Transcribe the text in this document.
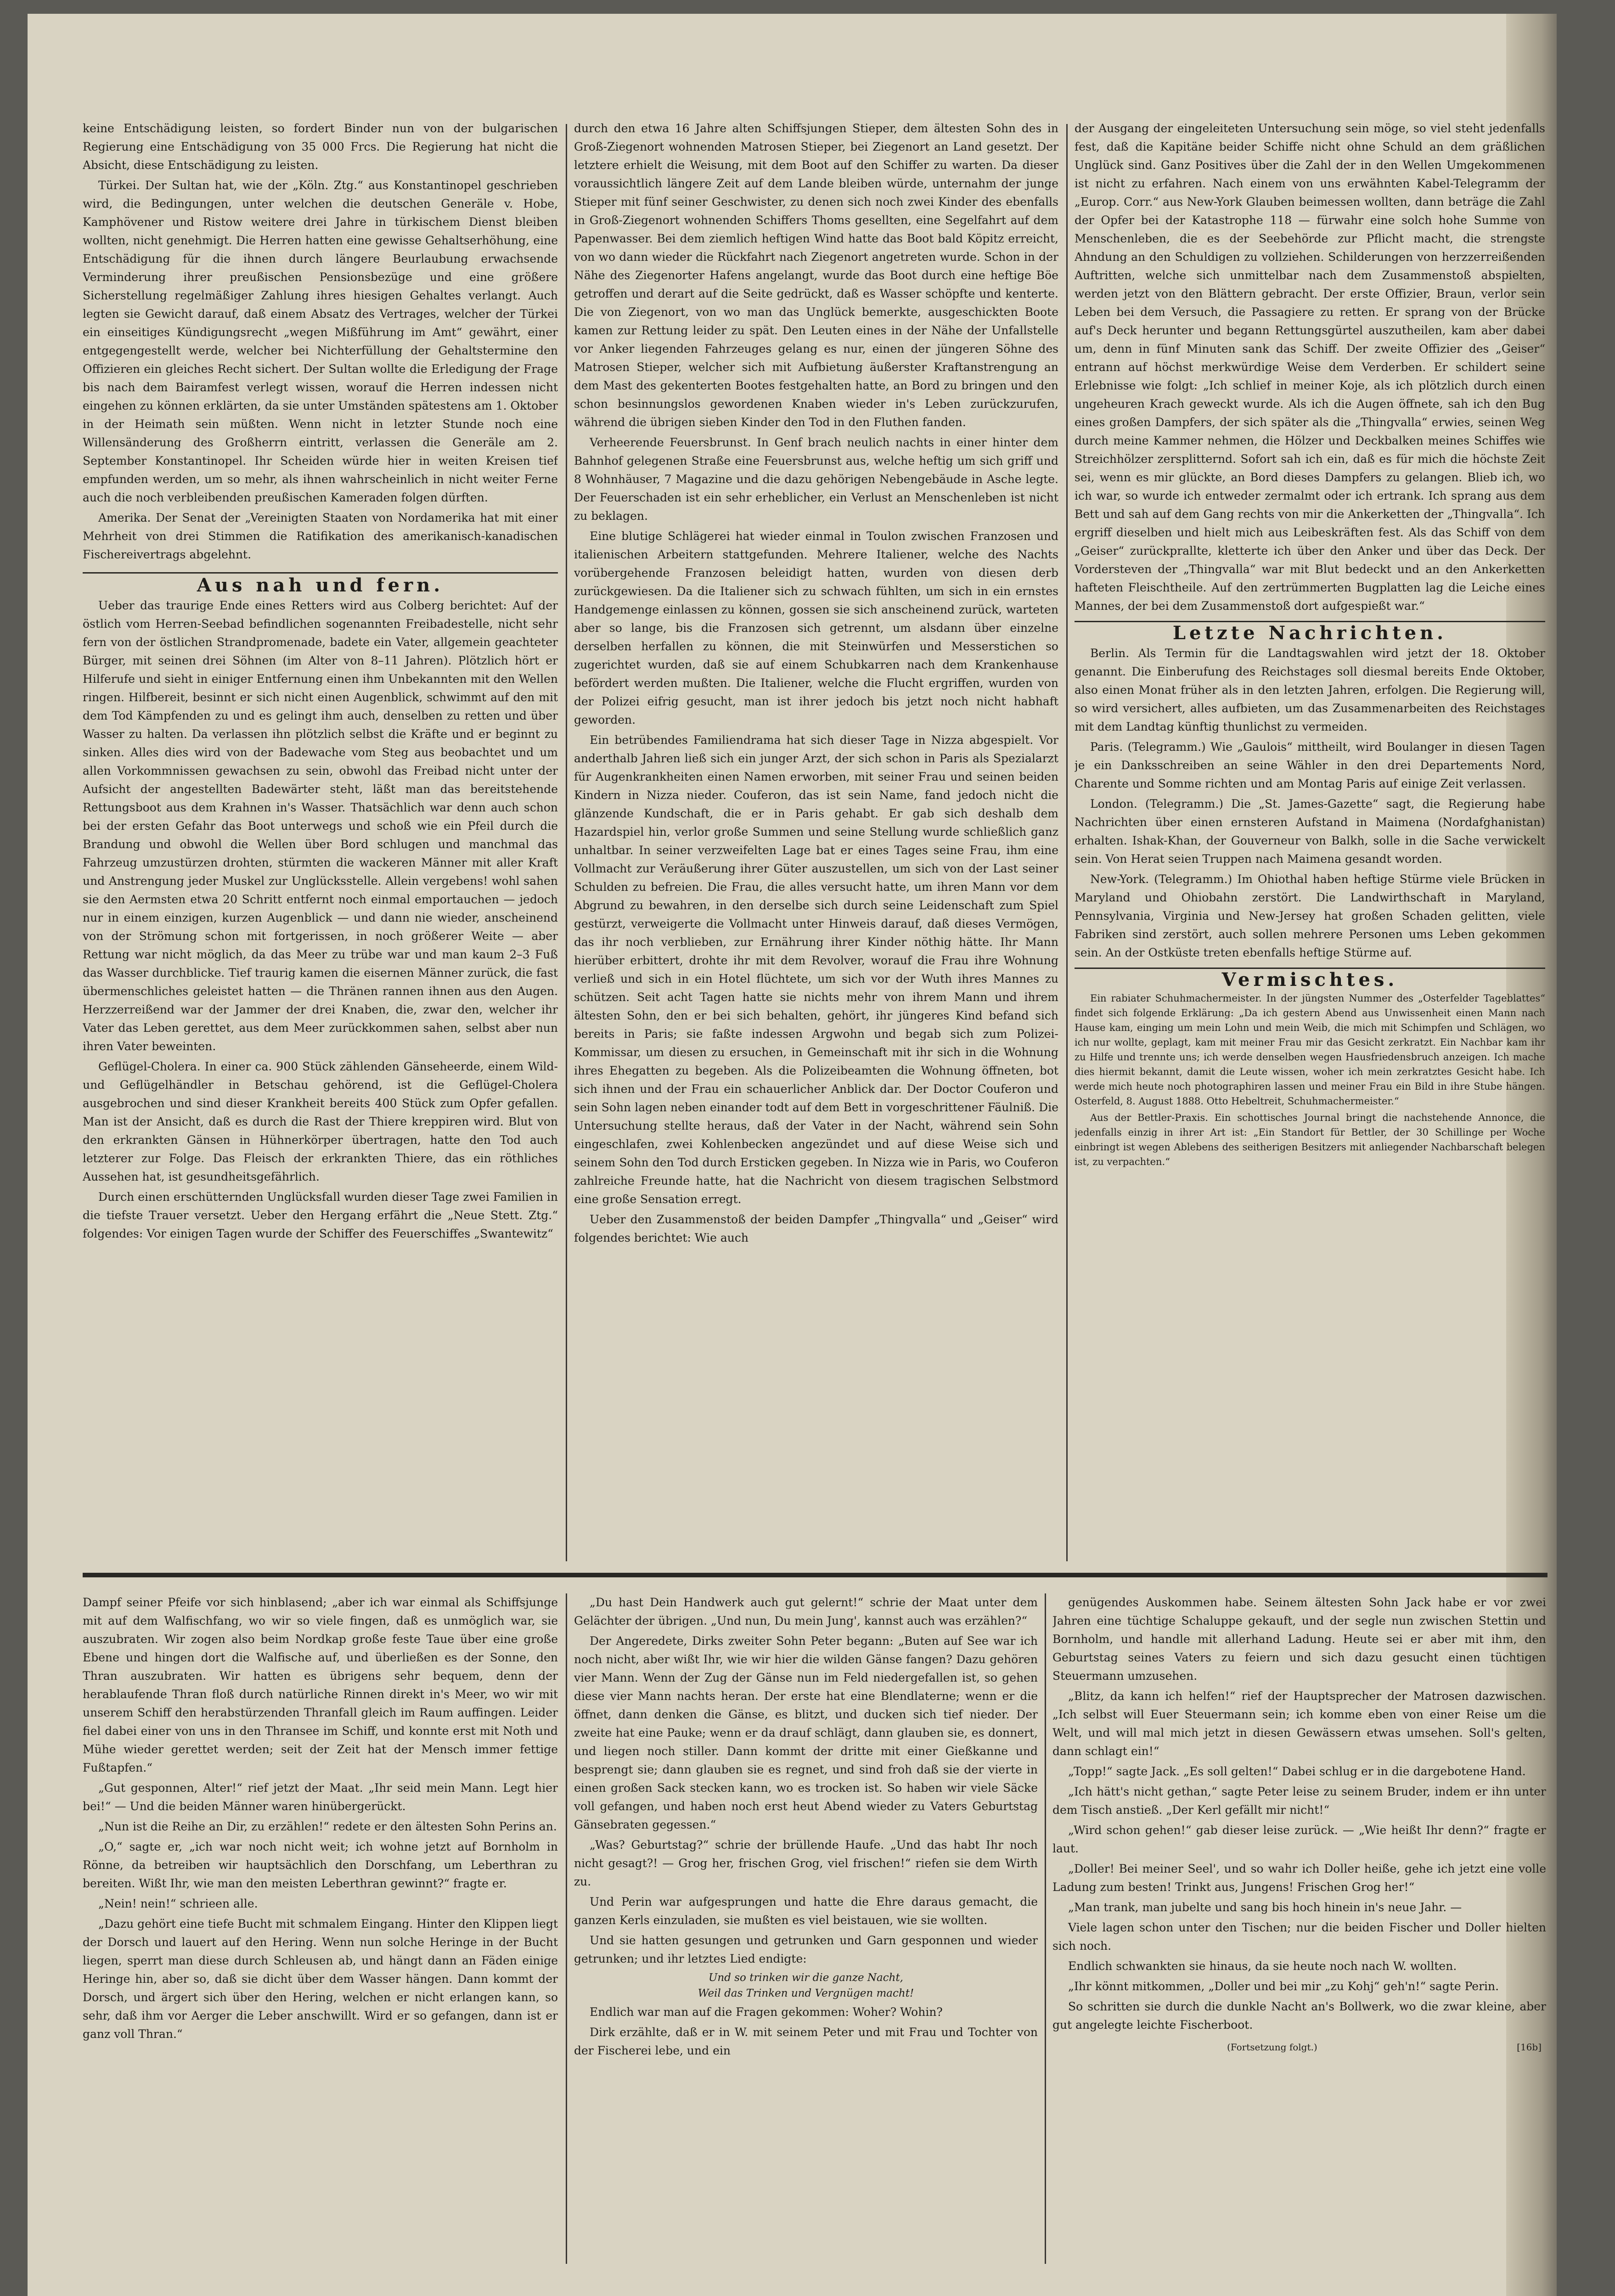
keine Entschädigung leisten, so fordert Binder nun von der bulgarischen Regierung eine Entschädigung von 35 000 Frcs. Die Regierung hat nicht die Absicht, diese Entschädigung zu leisten.

Türkei. Der Sultan hat, wie der „Köln. Ztg.“ aus Konstantinopel geschrieben wird, die Bedingungen, unter welchen die deutschen Generäle v. Hobe, Kamphövener und Ristow weitere drei Jahre in türkischem Dienst bleiben wollten, nicht genehmigt. Die Herren hatten eine gewisse Gehaltserhöhung, eine Entschädigung für die ihnen durch längere Beurlaubung erwachsende Verminderung ihrer preußischen Pensionsbezüge und eine größere Sicherstellung regelmäßiger Zahlung ihres hiesigen Gehaltes verlangt. Auch legten sie Gewicht darauf, daß einem Absatz des Vertrages, welcher der Türkei ein einseitiges Kündigungsrecht „wegen Mißführung im Amt“ gewährt, einer entgegengestellt werde, welcher bei Nichterfüllung der Gehaltstermine den Offizieren ein gleiches Recht sichert. Der Sultan wollte die Erledigung der Frage bis nach dem Bairamfest verlegt wissen, worauf die Herren indessen nicht eingehen zu können erklärten, da sie unter Umständen spätestens am 1. Oktober in der Heimath sein müßten. Wenn nicht in letzter Stunde noch eine Willensänderung des Großherrn eintritt, verlassen die Generäle am 2. September Konstantinopel. Ihr Scheiden würde hier in weiten Kreisen tief empfunden werden, um so mehr, als ihnen wahrscheinlich in nicht weiter Ferne auch die noch verbleibenden preußischen Kameraden folgen dürften.

Amerika. Der Senat der „Vereinigten Staaten von Nordamerika hat mit einer Mehrheit von drei Stimmen die Ratifikation des amerikanisch-kanadischen Fischereivertrags abgelehnt.

Aus nah und fern.

Ueber das traurige Ende eines Retters wird aus Colberg berichtet: Auf der östlich vom Herren-Seebad befindlichen sogenannten Freibadestelle, nicht sehr fern von der östlichen Strandpromenade, badete ein Vater, allgemein geachteter Bürger, mit seinen drei Söhnen (im Alter von 8–11 Jahren). Plötzlich hört er Hilferufe und sieht in einiger Entfernung einen ihm Unbekannten mit den Wellen ringen. Hilfbereit, besinnt er sich nicht einen Augenblick, schwimmt auf den mit dem Tod Kämpfenden zu und es gelingt ihm auch, denselben zu retten und über Wasser zu halten. Da verlassen ihn plötzlich selbst die Kräfte und er beginnt zu sinken. Alles dies wird von der Badewache vom Steg aus beobachtet und um allen Vorkommnissen gewachsen zu sein, obwohl das Freibad nicht unter der Aufsicht der angestellten Badewärter steht, läßt man das bereitstehende Rettungsboot aus dem Krahnen in's Wasser. Thatsächlich war denn auch schon bei der ersten Gefahr das Boot unterwegs und schoß wie ein Pfeil durch die Brandung und obwohl die Wellen über Bord schlugen und manchmal das Fahrzeug umzustürzen drohten, stürmten die wackeren Männer mit aller Kraft und Anstrengung jeder Muskel zur Unglücksstelle. Allein vergebens! wohl sahen sie den Aermsten etwa 20 Schritt entfernt noch einmal emportauchen — jedoch nur in einem einzigen, kurzen Augenblick — und dann nie wieder, anscheinend von der Strömung schon mit fortgerissen, in noch größerer Weite — aber Rettung war nicht möglich, da das Meer zu trübe war und man kaum 2–3 Fuß das Wasser durchblicke. Tief traurig kamen die eisernen Männer zurück, die fast übermenschliches geleistet hatten — die Thränen rannen ihnen aus den Augen. Herzzerreißend war der Jammer der drei Knaben, die, zwar den, welcher ihr Vater das Leben gerettet, aus dem Meer zurückkommen sahen, selbst aber nun ihren Vater beweinten.

Geflügel-Cholera. In einer ca. 900 Stück zählenden Gänseheerde, einem Wild- und Geflügelhändler in Betschau gehörend, ist die Geflügel-Cholera ausgebrochen und sind dieser Krankheit bereits 400 Stück zum Opfer gefallen. Man ist der Ansicht, daß es durch die Rast der Thiere kreppiren wird. Blut von den erkrankten Gänsen in Hühnerkörper übertragen, hatte den Tod auch letzterer zur Folge. Das Fleisch der erkrankten Thiere, das ein röthliches Aussehen hat, ist gesundheitsgefährlich.

Durch einen erschütternden Unglücksfall wurden dieser Tage zwei Familien in die tiefste Trauer versetzt. Ueber den Hergang erfährt die „Neue Stett. Ztg.“ folgendes: Vor einigen Tagen wurde der Schiffer des Feuerschiffes „Swantewitz“

durch den etwa 16 Jahre alten Schiffsjungen Stieper, dem ältesten Sohn des in Groß-Ziegenort wohnenden Matrosen Stieper, bei Ziegenort an Land gesetzt. Der letztere erhielt die Weisung, mit dem Boot auf den Schiffer zu warten. Da dieser voraussichtlich längere Zeit auf dem Lande bleiben würde, unternahm der junge Stieper mit fünf seiner Geschwister, zu denen sich noch zwei Kinder des ebenfalls in Groß-Ziegenort wohnenden Schiffers Thoms gesellten, eine Segelfahrt auf dem Papenwasser. Bei dem ziemlich heftigen Wind hatte das Boot bald Köpitz erreicht, von wo dann wieder die Rückfahrt nach Ziegenort angetreten wurde. Schon in der Nähe des Ziegenorter Hafens angelangt, wurde das Boot durch eine heftige Böe getroffen und derart auf die Seite gedrückt, daß es Wasser schöpfte und kenterte. Die von Ziegenort, von wo man das Unglück bemerkte, ausgeschickten Boote kamen zur Rettung leider zu spät. Den Leuten eines in der Nähe der Unfallstelle vor Anker liegenden Fahrzeuges gelang es nur, einen der jüngeren Söhne des Matrosen Stieper, welcher sich mit Aufbietung äußerster Kraftanstrengung an dem Mast des gekenterten Bootes festgehalten hatte, an Bord zu bringen und den schon besinnungslos gewordenen Knaben wieder in's Leben zurückzurufen, während die übrigen sieben Kinder den Tod in den Fluthen fanden.

Verheerende Feuersbrunst. In Genf brach neulich nachts in einer hinter dem Bahnhof gelegenen Straße eine Feuersbrunst aus, welche heftig um sich griff und 8 Wohnhäuser, 7 Magazine und die dazu gehörigen Nebengebäude in Asche legte. Der Feuerschaden ist ein sehr erheblicher, ein Verlust an Menschenleben ist nicht zu beklagen.

Eine blutige Schlägerei hat wieder einmal in Toulon zwischen Franzosen und italienischen Arbeitern stattgefunden. Mehrere Italiener, welche des Nachts vorübergehende Franzosen beleidigt hatten, wurden von diesen derb zurückgewiesen. Da die Italiener sich zu schwach fühlten, um sich in ein ernstes Handgemenge einlassen zu können, gossen sie sich anscheinend zurück, warteten aber so lange, bis die Franzosen sich getrennt, um alsdann über einzelne derselben herfallen zu können, die mit Steinwürfen und Messerstichen so zugerichtet wurden, daß sie auf einem Schubkarren nach dem Krankenhause befördert werden mußten. Die Italiener, welche die Flucht ergriffen, wurden von der Polizei eifrig gesucht, man ist ihrer jedoch bis jetzt noch nicht habhaft geworden.

Ein betrübendes Familiendrama hat sich dieser Tage in Nizza abgespielt. Vor anderthalb Jahren ließ sich ein junger Arzt, der sich schon in Paris als Spezialarzt für Augenkrankheiten einen Namen erworben, mit seiner Frau und seinen beiden Kindern in Nizza nieder. Couferon, das ist sein Name, fand jedoch nicht die glänzende Kundschaft, die er in Paris gehabt. Er gab sich deshalb dem Hazardspiel hin, verlor große Summen und seine Stellung wurde schließlich ganz unhaltbar. In seiner verzweifelten Lage bat er eines Tages seine Frau, ihm eine Vollmacht zur Veräußerung ihrer Güter auszustellen, um sich von der Last seiner Schulden zu befreien. Die Frau, die alles versucht hatte, um ihren Mann vor dem Abgrund zu bewahren, in den derselbe sich durch seine Leidenschaft zum Spiel gestürzt, verweigerte die Vollmacht unter Hinweis darauf, daß dieses Vermögen, das ihr noch verblieben, zur Ernährung ihrer Kinder nöthig hätte. Ihr Mann hierüber erbittert, drohte ihr mit dem Revolver, worauf die Frau ihre Wohnung verließ und sich in ein Hotel flüchtete, um sich vor der Wuth ihres Mannes zu schützen. Seit acht Tagen hatte sie nichts mehr von ihrem Mann und ihrem ältesten Sohn, den er bei sich behalten, gehört, ihr jüngeres Kind befand sich bereits in Paris; sie faßte indessen Argwohn und begab sich zum Polizei-Kommissar, um diesen zu ersuchen, in Gemeinschaft mit ihr sich in die Wohnung ihres Ehegatten zu begeben. Als die Polizeibeamten die Wohnung öffneten, bot sich ihnen und der Frau ein schauerlicher Anblick dar. Der Doctor Couferon und sein Sohn lagen neben einander todt auf dem Bett in vorgeschrittener Fäulniß. Die Untersuchung stellte heraus, daß der Vater in der Nacht, während sein Sohn eingeschlafen, zwei Kohlenbecken angezündet und auf diese Weise sich und seinem Sohn den Tod durch Ersticken gegeben. In Nizza wie in Paris, wo Couferon zahlreiche Freunde hatte, hat die Nachricht von diesem tragischen Selbstmord eine große Sensation erregt.

Ueber den Zusammenstoß der beiden Dampfer „Thingvalla“ und „Geiser“ wird folgendes berichtet: Wie auch

der Ausgang der eingeleiteten Untersuchung sein möge, so viel steht jedenfalls fest, daß die Kapitäne beider Schiffe nicht ohne Schuld an dem gräßlichen Unglück sind. Ganz Positives über die Zahl der in den Wellen Umgekommenen ist nicht zu erfahren. Nach einem von uns erwähnten Kabel-Telegramm der „Europ. Corr.“ aus New-York Glauben beimessen wollten, dann beträge die Zahl der Opfer bei der Katastrophe 118 — fürwahr eine solch hohe Summe von Menschenleben, die es der Seebehörde zur Pflicht macht, die strengste Ahndung an den Schuldigen zu vollziehen. Schilderungen von herzzerreißenden Auftritten, welche sich unmittelbar nach dem Zusammenstoß abspielten, werden jetzt von den Blättern gebracht. Der erste Offizier, Braun, verlor sein Leben bei dem Versuch, die Passagiere zu retten. Er sprang von der Brücke auf's Deck herunter und begann Rettungsgürtel auszutheilen, kam aber dabei um, denn in fünf Minuten sank das Schiff. Der zweite Offizier des „Geiser“ entrann auf höchst merkwürdige Weise dem Verderben. Er schildert seine Erlebnisse wie folgt: „Ich schlief in meiner Koje, als ich plötzlich durch einen ungeheuren Krach geweckt wurde. Als ich die Augen öffnete, sah ich den Bug eines großen Dampfers, der sich später als die „Thingvalla“ erwies, seinen Weg durch meine Kammer nehmen, die Hölzer und Deckbalken meines Schiffes wie Streichhölzer zersplitternd. Sofort sah ich ein, daß es für mich die höchste Zeit sei, wenn es mir glückte, an Bord dieses Dampfers zu gelangen. Blieb ich, wo ich war, so wurde ich entweder zermalmt oder ich ertrank. Ich sprang aus dem Bett und sah auf dem Gang rechts von mir die Ankerketten der „Thingvalla“. Ich ergriff dieselben und hielt mich aus Leibeskräften fest. Als das Schiff von dem „Geiser“ zurückprallte, kletterte ich über den Anker und über das Deck. Der Vordersteven der „Thingvalla“ war mit Blut bedeckt und an den Ankerketten hafteten Fleischtheile. Auf den zertrümmerten Bugplatten lag die Leiche eines Mannes, der bei dem Zusammenstoß dort aufgespießt war.“

Letzte Nachrichten.

Berlin. Als Termin für die Landtagswahlen wird jetzt der 18. Oktober genannt. Die Einberufung des Reichstages soll diesmal bereits Ende Oktober, also einen Monat früher als in den letzten Jahren, erfolgen. Die Regierung will, so wird versichert, alles aufbieten, um das Zusammenarbeiten des Reichstages mit dem Landtag künftig thunlichst zu vermeiden.

Paris. (Telegramm.) Wie „Gaulois“ mittheilt, wird Boulanger in diesen Tagen je ein Danksschreiben an seine Wähler in den drei Departements Nord, Charente und Somme richten und am Montag Paris auf einige Zeit verlassen.

London. (Telegramm.) Die „St. James-Gazette“ sagt, die Regierung habe Nachrichten über einen ernsteren Aufstand in Maimena (Nordafghanistan) erhalten. Ishak-Khan, der Gouverneur von Balkh, solle in die Sache verwickelt sein. Von Herat seien Truppen nach Maimena gesandt worden.

New-York. (Telegramm.) Im Ohiothal haben heftige Stürme viele Brücken in Maryland und Ohiobahn zerstört. Die Landwirthschaft in Maryland, Pennsylvania, Virginia und New-Jersey hat großen Schaden gelitten, viele Fabriken sind zerstört, auch sollen mehrere Personen ums Leben gekommen sein. An der Ostküste treten ebenfalls heftige Stürme auf.

Vermischtes.

Ein rabiater Schuhmachermeister. In der jüngsten Nummer des „Osterfelder Tageblattes“ findet sich folgende Erklärung: „Da ich gestern Abend aus Unwissenheit einen Mann nach Hause kam, einging um mein Lohn und mein Weib, die mich mit Schimpfen und Schlägen, wo ich nur wollte, geplagt, kam mit meiner Frau mir das Gesicht zerkratzt. Ein Nachbar kam ihr zu Hilfe und trennte uns; ich werde denselben wegen Hausfriedensbruch anzeigen. Ich mache dies hiermit bekannt, damit die Leute wissen, woher ich mein zerkratztes Gesicht habe. Ich werde mich heute noch photographiren lassen und meiner Frau ein Bild in ihre Stube hängen. Osterfeld, 8. August 1888. Otto Hebeltreit, Schuhmachermeister.“

Aus der Bettler-Praxis. Ein schottisches Journal bringt die nachstehende Annonce, die jedenfalls einzig in ihrer Art ist: „Ein Standort für Bettler, der 30 Schillinge per Woche einbringt ist wegen Ablebens des seitherigen Besitzers mit anliegender Nachbarschaft belegen ist, zu verpachten.“

Dampf seiner Pfeife vor sich hinblasend; „aber ich war einmal als Schiffsjunge mit auf dem Walfischfang, wo wir so viele fingen, daß es unmöglich war, sie auszubraten. Wir zogen also beim Nordkap große feste Taue über eine große Ebene und hingen dort die Walfische auf, und überließen es der Sonne, den Thran auszubraten. Wir hatten es übrigens sehr bequem, denn der herablaufende Thran floß durch natürliche Rinnen direkt in's Meer, wo wir mit unserem Schiff den herabstürzenden Thranfall gleich im Raum auffingen. Leider fiel dabei einer von uns in den Thransee im Schiff, und konnte erst mit Noth und Mühe wieder gerettet werden; seit der Zeit hat der Mensch immer fettige Fußtapfen.“

„Gut gesponnen, Alter!“ rief jetzt der Maat. „Ihr seid mein Mann. Legt hier bei!“ — Und die beiden Männer waren hinübergerückt.

„Nun ist die Reihe an Dir, zu erzählen!“ redete er den ältesten Sohn Perins an.

„O,“ sagte er, „ich war noch nicht weit; ich wohne jetzt auf Bornholm in Rönne, da betreiben wir hauptsächlich den Dorschfang, um Leberthran zu bereiten. Wißt Ihr, wie man den meisten Leberthran gewinnt?“ fragte er.

„Nein! nein!“ schrieen alle.

„Dazu gehört eine tiefe Bucht mit schmalem Eingang. Hinter den Klippen liegt der Dorsch und lauert auf den Hering. Wenn nun solche Heringe in der Bucht liegen, sperrt man diese durch Schleusen ab, und hängt dann an Fäden einige Heringe hin, aber so, daß sie dicht über dem Wasser hängen. Dann kommt der Dorsch, und ärgert sich über den Hering, welchen er nicht erlangen kann, so sehr, daß ihm vor Aerger die Leber anschwillt. Wird er so gefangen, dann ist er ganz voll Thran.“

„Du hast Dein Handwerk auch gut gelernt!“ schrie der Maat unter dem Gelächter der übrigen. „Und nun, Du mein Jung', kannst auch was erzählen?“

Der Angeredete, Dirks zweiter Sohn Peter begann: „Buten auf See war ich noch nicht, aber wißt Ihr, wie wir hier die wilden Gänse fangen? Dazu gehören vier Mann. Wenn der Zug der Gänse nun im Feld niedergefallen ist, so gehen diese vier Mann nachts heran. Der erste hat eine Blendlaterne; wenn er die öffnet, dann denken die Gänse, es blitzt, und ducken sich tief nieder. Der zweite hat eine Pauke; wenn er da drauf schlägt, dann glauben sie, es donnert, und liegen noch stiller. Dann kommt der dritte mit einer Gießkanne und besprengt sie; dann glauben sie es regnet, und sind froh daß sie der vierte in einen großen Sack stecken kann, wo es trocken ist. So haben wir viele Säcke voll gefangen, und haben noch erst heut Abend wieder zu Vaters Geburtstag Gänsebraten gegessen.“

„Was? Geburtstag?“ schrie der brüllende Haufe. „Und das habt Ihr noch nicht gesagt?! — Grog her, frischen Grog, viel frischen!“ riefen sie dem Wirth zu.

Und Perin war aufgesprungen und hatte die Ehre daraus gemacht, die ganzen Kerls einzuladen, sie mußten es viel beistauen, wie sie wollten.

Und sie hatten gesungen und getrunken und Garn gesponnen und wieder getrunken; und ihr letztes Lied endigte:

Und so trinken wir die ganze Nacht,
Weil das Trinken und Vergnügen macht!

Endlich war man auf die Fragen gekommen: Woher? Wohin?

Dirk erzählte, daß er in W. mit seinem Peter und mit Frau und Tochter von der Fischerei lebe, und ein

genügendes Auskommen habe. Seinem ältesten Sohn Jack habe er vor zwei Jahren eine tüchtige Schaluppe gekauft, und der segle nun zwischen Stettin und Bornholm, und handle mit allerhand Ladung. Heute sei er aber mit ihm, den Geburtstag seines Vaters zu feiern und sich dazu gesucht einen tüchtigen Steuermann umzusehen.

„Blitz, da kann ich helfen!“ rief der Hauptsprecher der Matrosen dazwischen. „Ich selbst will Euer Steuermann sein; ich komme eben von einer Reise um die Welt, und will mal mich jetzt in diesen Gewässern etwas umsehen. Soll's gelten, dann schlagt ein!“

„Topp!“ sagte Jack. „Es soll gelten!“ Dabei schlug er in die dargebotene Hand.

„Ich hätt's nicht gethan,“ sagte Peter leise zu seinem Bruder, indem er ihn unter dem Tisch anstieß. „Der Kerl gefällt mir nicht!“

„Wird schon gehen!“ gab dieser leise zurück. — „Wie heißt Ihr denn?“ fragte er laut.

„Doller! Bei meiner Seel', und so wahr ich Doller heiße, gehe ich jetzt eine volle Ladung zum besten! Trinkt aus, Jungens! Frischen Grog her!“

„Man trank, man jubelte und sang bis hoch hinein in's neue Jahr. —

Viele lagen schon unter den Tischen; nur die beiden Fischer und Doller hielten sich noch.

Endlich schwankten sie hinaus, da sie heute noch nach W. wollten.

„Ihr könnt mitkommen, „Doller und bei mir „zu Kohj“ geh'n!“ sagte Perin.

So schritten sie durch die dunkle Nacht an's Bollwerk, wo die zwar kleine, aber gut angelegte leichte Fischerboot.

(Fortsetzung folgt.)	[16b]
